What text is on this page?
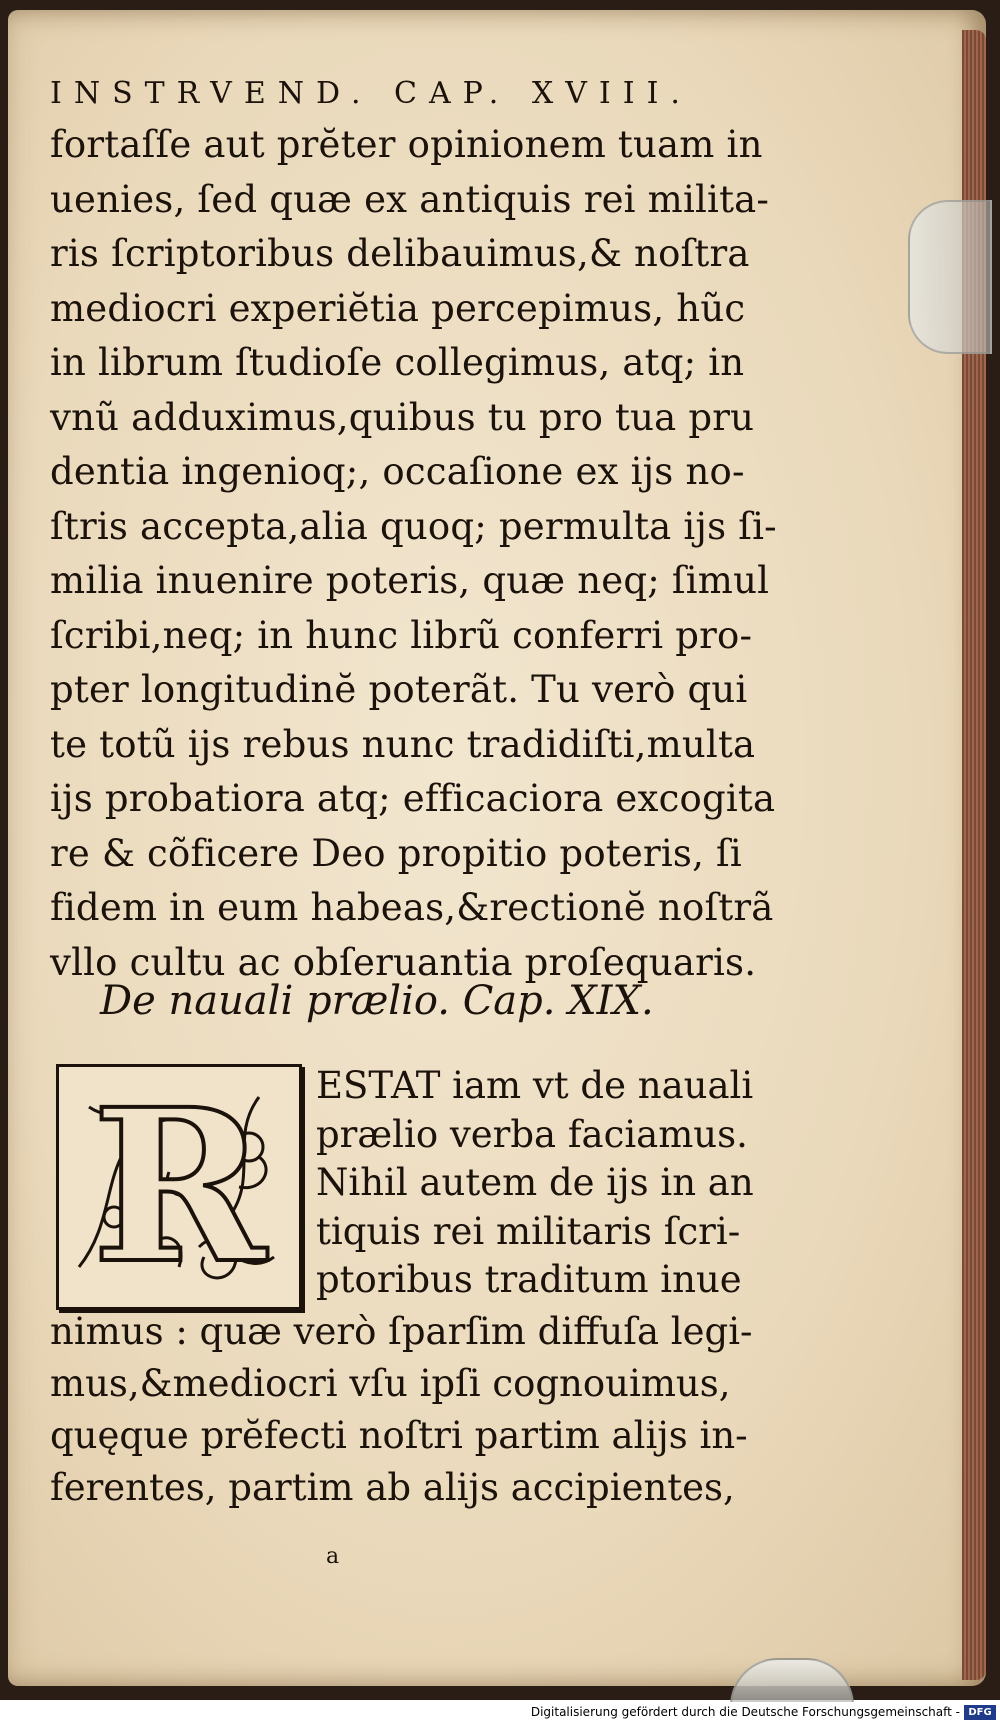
INSTRVEND. CAP. XVIII.
fortaſſe aut prĕter opinionem tuam in
uenies, ſed quæ ex antiquis rei milita-
ris ſcriptoribus delibauimus,& noſtra
mediocri experiĕtia percepimus, hũc
in librum ſtudioſe collegimus, atq; in
vnũ adduximus,quibus tu pro tua pru
dentia ingenioq;, occaſione ex ijs no-
ſtris accepta,alia quoq; permulta ijs ſi-
milia inuenire poteris, quæ neq; ſimul
ſcribi,neq; in hunc librũ conferri pro-
pter longitudinĕ poterãt. Tu verò qui
te totũ ijs rebus nunc tradidiſti,multa
ijs probatiora atq; efficaciora excogita
re & cõficere Deo propitio poteris, ſi
fidem in eum habeas,&rectionĕ noſtrã
vllo cultu ac obſeruantia proſequaris.
De nauali prælio. Cap. XIX.
R	ESTAT iam vt de nauali
prælio verba faciamus.
Nihil autem de ijs in an
tiquis rei militaris ſcri-
ptoribus traditum inue
nimus : quæ verò ſparſim diffuſa legi-
mus,&mediocri vſu ipſi cognouimus,
quęque prĕfecti noſtri partim alijs in-
ferentes, partim ab alijs accipientes,
a
Digitalisierung gefördert durch die Deutsche Forschungsgemeinschaft - DFG
